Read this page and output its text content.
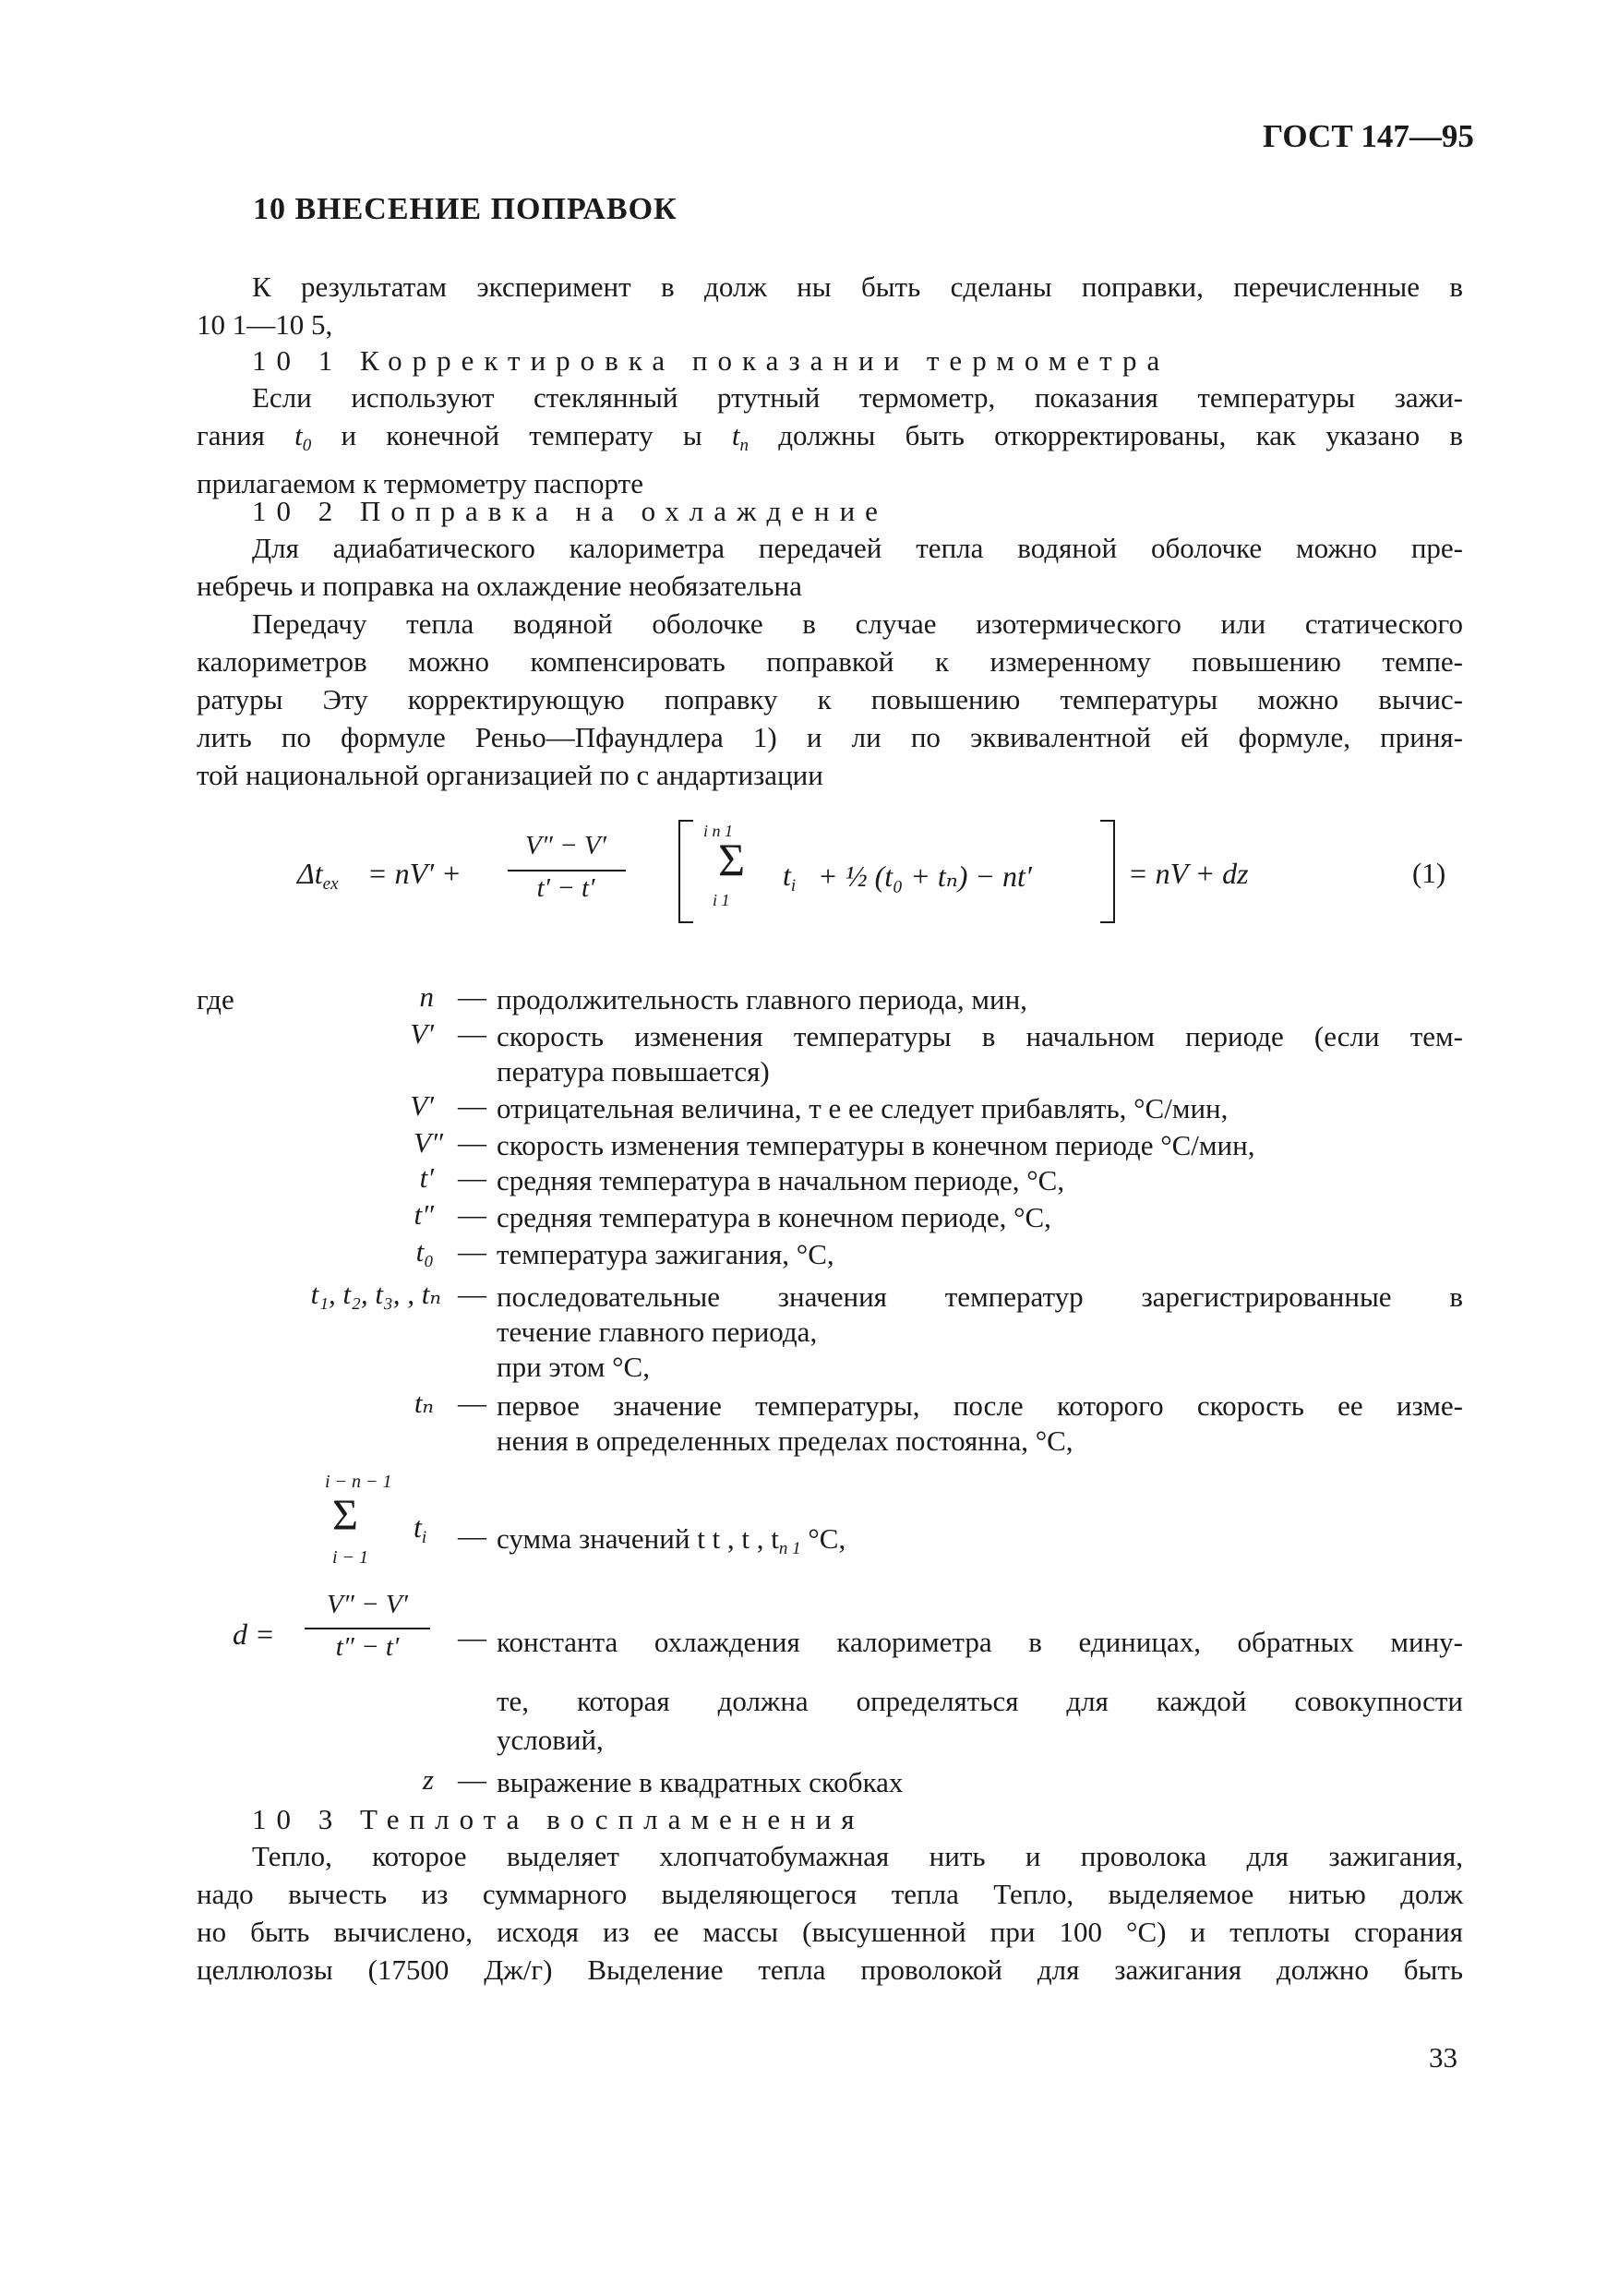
ГОСТ 147—95
10 ВНЕСЕНИЕ ПОПРАВОК
К результатам эксперимент в долж ны быть сделаны поправки, перечисленные в
10 1—10 5,
10 1 Корректировка показании термометра
Если используют стеклянный ртутный термометр, показания температуры зажи-
гания $t_0$ и конечной температу ы $t_n$ должны быть откорректированы, как указано в
прилагаемом к термометру паспорте
10 2 Поправка на охлаждение
Для адиабатического калориметра передачей тепла водяной оболочке можно пре-
небречь и поправка на охлаждение необязательна
Передачу тепла водяной оболочке в случае изотермического или статического
калориметров можно компенсировать поправкой к измеренному повышению темпе-
ратуры Эту корректирующую поправку к повышению температуры можно вычис-
лить по формуле Реньо—Пфаундлера 1) и ли по эквивалентной ей формуле, приня-
той национальной организацией по с андартизации
$\Delta t_{ex} = nV'$ +
V″ − V′
t′ − t′
i n 1
Σ
i 1
$t_i$ + ½ (t₀ + tₙ) − nt′	= nV + dz	(1)
где	n — продолжительность главного периода, мин,
V′ — скорость изменения температуры в начальном периоде (если тем-
пература повышается)
V′ — отрицательная величина, т е ее следует прибавлять, °С/мин,
V″ — скорость изменения температуры в конечном периоде °С/мин,
t′ — средняя температура в начальном периоде, °С,
t″ — средняя температура в конечном периоде, °С,
t₀ — температура зажигания, °С,
t₁, t₂, t₃, , tₙ — последовательные значения температур зарегистрированные в
течение главного периода,
при этом °С,
tₙ — первое значение температуры, после которого скорость ее изме-
нения в определенных пределах постоянна, °С,
i − n − 1
Σ
i − 1
$t_i$ — сумма значений t t , t , $t_{n 1}$ °С,
d =
V″ − V′
t″ − t′	— константа охлаждения калориметра в единицах, обратных мину-
те, которая должна определяться для каждой совокупности
условий,
z — выражение в квадратных скобках
10 3 Теплота воспламенения
Тепло, которое выделяет хлопчатобумажная нить и проволока для зажигания,
надо вычесть из суммарного выделяющегося тепла Тепло, выделяемое нитью долж
но быть вычислено, исходя из ее массы (высушенной при 100 °С) и теплоты сгорания
целлюлозы (17500 Дж/г) Выделение тепла проволокой для зажигания должно быть
33
